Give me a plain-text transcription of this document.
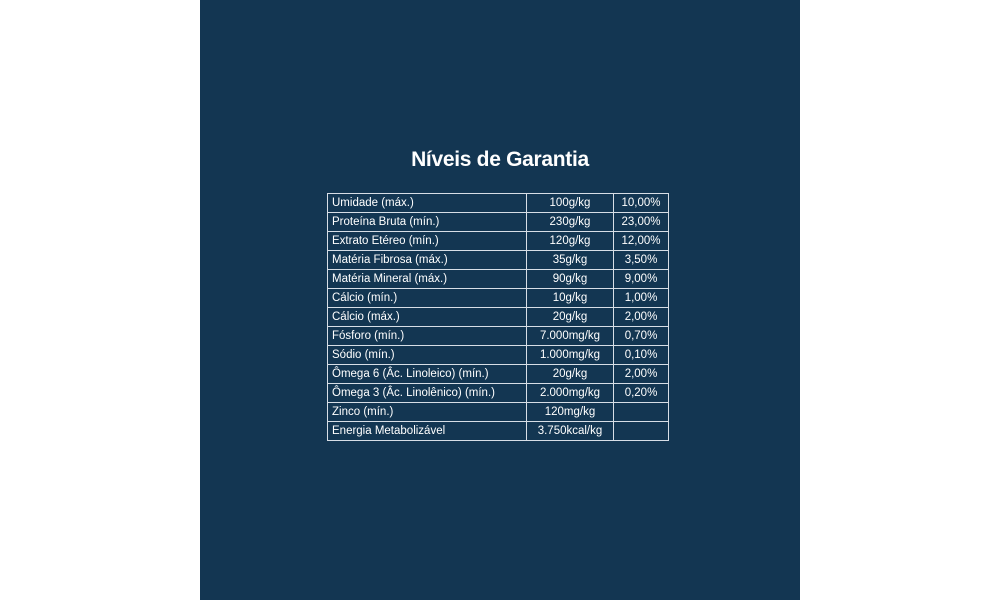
Níveis de Garantia
Umidade (máx.)	100g/kg	10,00%
Proteína Bruta (mín.)	230g/kg	23,00%
Extrato Etéreo (mín.)	120g/kg	12,00%
Matéria Fibrosa (máx.)	35g/kg	3,50%
Matéria Mineral (máx.)	90g/kg	9,00%
Cálcio (mín.)	10g/kg	1,00%
Cálcio (máx.)	20g/kg	2,00%
Fósforo (mín.)	7.000mg/kg	0,70%
Sódio (mín.)	1.000mg/kg	0,10%
Ômega 6 (Âc. Linoleico) (mín.)	20g/kg	2,00%
Ômega 3 (Âc. Linolênico) (mín.)	2.000mg/kg	0,20%
Zinco (mín.)	120mg/kg	
Energia Metabolizável	3.750kcal/kg	
